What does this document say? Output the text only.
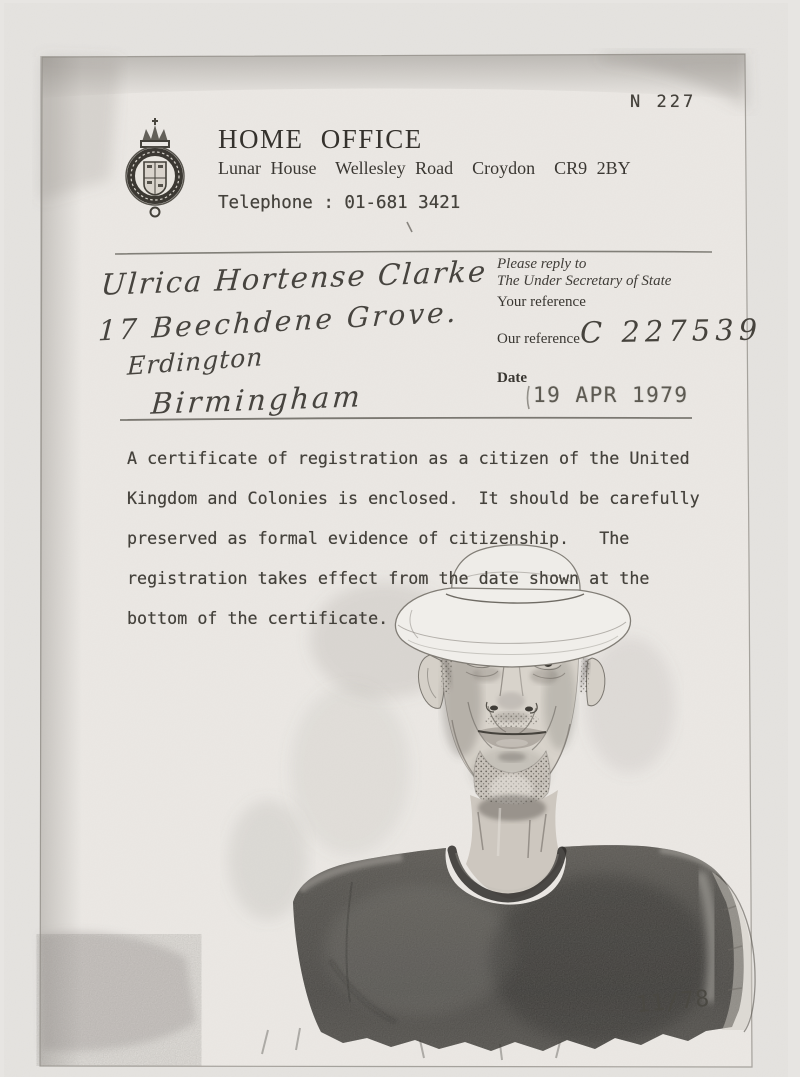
N 227
HOME OFFICE
Lunar House  Wellesley Road  Croydon  CR9 2BY
Telephone : 01-681 3421
Ulrica Hortense Clarke
17 Beechdene Grove.
Erdington
Birmingham
Please reply to
The Under Secretary of State
Your reference
Our reference C 227539
Date
19 APR 1979
A certificate of registration as a citizen of the United
Kingdom and Colonies is enclosed.  It should be carefully
preserved as formal evidence of citizenship.   The
registration takes effect from the date shown at the
bottom of the certificate.
11/78
